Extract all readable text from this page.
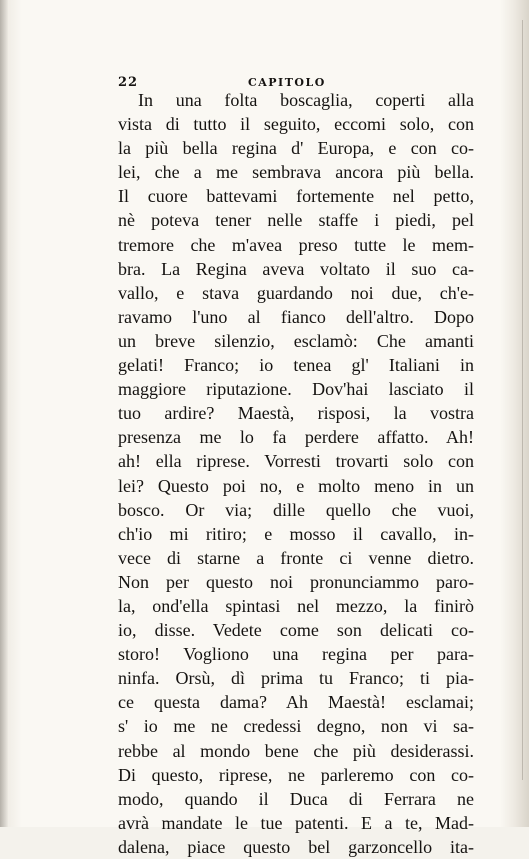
22	CAPITOLO
In una folta boscaglia, coperti alla
vista di tutto il seguito, eccomi solo, con
la più bella regina d' Europa, e con co-
lei, che a me sembrava ancora più bella.
Il cuore battevami fortemente nel petto,
nè poteva tener nelle staffe i piedi, pel
tremore che m'avea preso tutte le mem-
bra. La Regina aveva voltato il suo ca-
vallo, e stava guardando noi due, ch'e-
ravamo l'uno al fianco dell'altro. Dopo
un breve silenzio, esclamò: Che amanti
gelati! Franco; io tenea gl' Italiani in
maggiore riputazione. Dov'hai lasciato il
tuo ardire? Maestà, risposi, la vostra
presenza me lo fa perdere affatto. Ah!
ah! ella riprese. Vorresti trovarti solo con
lei? Questo poi no, e molto meno in un
bosco. Or via; dille quello che vuoi,
ch'io mi ritiro; e mosso il cavallo, in-
vece di starne a fronte ci venne dietro.
Non per questo noi pronunciammo paro-
la, ond'ella spintasi nel mezzo, la finirò
io, disse. Vedete come son delicati co-
storo! Vogliono una regina per para-
ninfa. Orsù, dì prima tu Franco; ti pia-
ce questa dama? Ah Maestà! esclamai;
s' io me ne credessi degno, non vi sa-
rebbe al mondo bene che più desiderassi.
Di questo, riprese, ne parleremo con co-
modo, quando il Duca di Ferrara ne
avrà mandate le tue patenti. E a te, Mad-
dalena, piace questo bel garzoncello ita-
